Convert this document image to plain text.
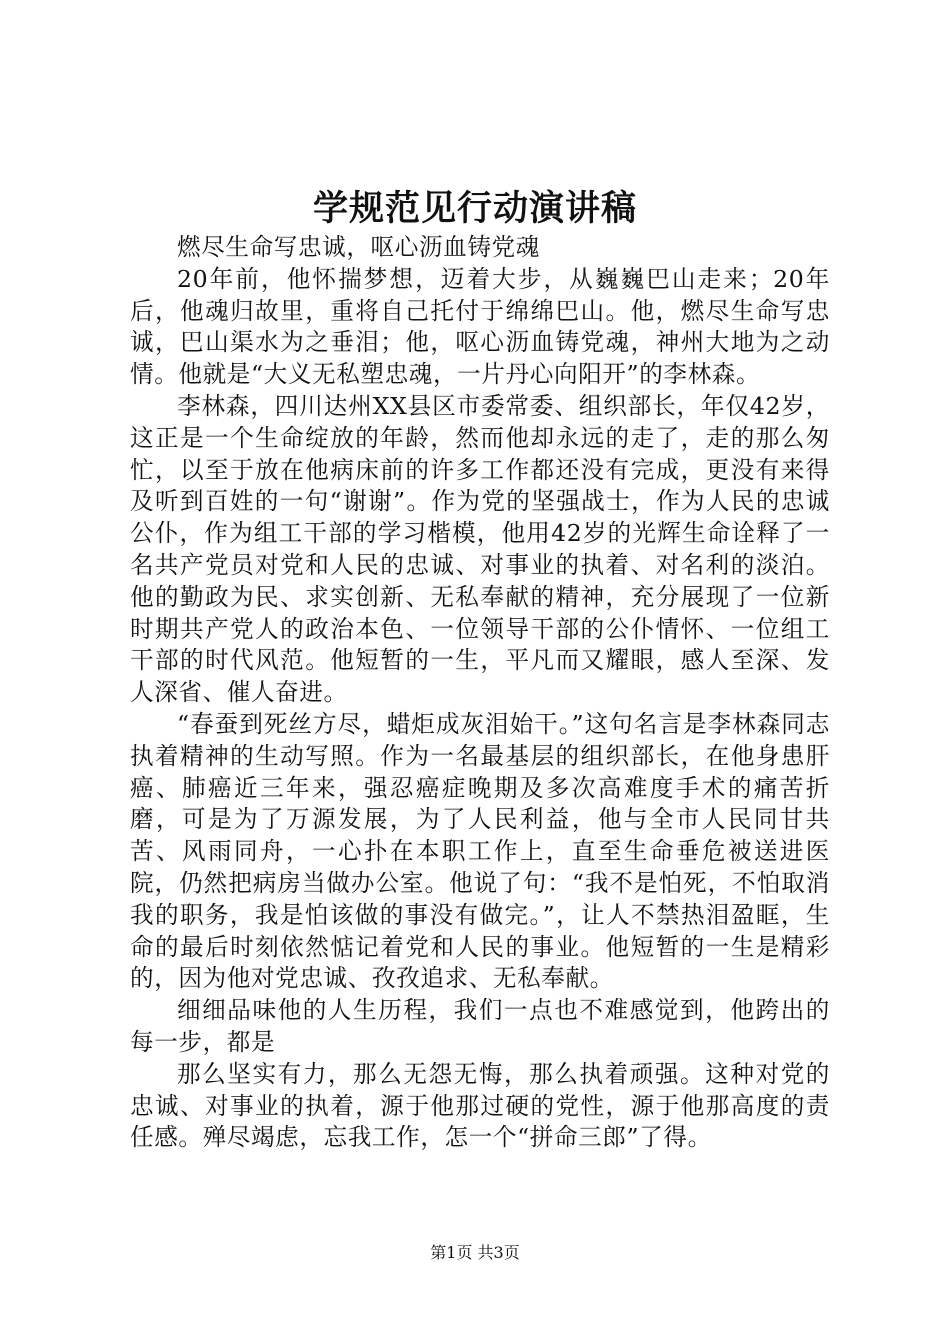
学规范见行动演讲稿

燃尽生命写忠诚，呕心沥血铸党魂

20年前，他怀揣梦想，迈着大步，从巍巍巴山走来；20年后，他魂归故里，重将自己托付于绵绵巴山。他，燃尽生命写忠诚，巴山渠水为之垂泪；他，呕心沥血铸党魂，神州大地为之动情。他就是“大义无私塑忠魂，一片丹心向阳开”的李林森。

李林森，四川达州XX县区市委常委、组织部长，年仅42岁，这正是一个生命绽放的年龄，然而他却永远的走了，走的那么匆忙，以至于放在他病床前的许多工作都还没有完成，更没有来得及听到百姓的一句“谢谢”。作为党的坚强战士，作为人民的忠诚公仆，作为组工干部的学习楷模，他用42岁的光辉生命诠释了一名共产党员对党和人民的忠诚、对事业的执着、对名利的淡泊。他的勤政为民、求实创新、无私奉献的精神，充分展现了一位新时期共产党人的政治本色、一位领导干部的公仆情怀、一位组工干部的时代风范。他短暂的一生，平凡而又耀眼，感人至深、发人深省、催人奋进。

“春蚕到死丝方尽，蜡炬成灰泪始干。”这句名言是李林森同志执着精神的生动写照。作为一名最基层的组织部长，在他身患肝癌、肺癌近三年来，强忍癌症晚期及多次高难度手术的痛苦折磨，可是为了万源发展，为了人民利益，他与全市人民同甘共苦、风雨同舟，一心扑在本职工作上，直至生命垂危被送进医院，仍然把病房当做办公室。他说了句：“我不是怕死，不怕取消我的职务，我是怕该做的事没有做完。”，让人不禁热泪盈眶，生命的最后时刻依然惦记着党和人民的事业。他短暂的一生是精彩的，因为他对党忠诚、孜孜追求、无私奉献。

细细品味他的人生历程，我们一点也不难感觉到，他跨出的每一步，都是

那么坚实有力，那么无怨无悔，那么执着顽强。这种对党的忠诚、对事业的执着，源于他那过硬的党性，源于他那高度的责任感。殚尽竭虑，忘我工作，怎一个“拼命三郎”了得。

第1页 共3页
